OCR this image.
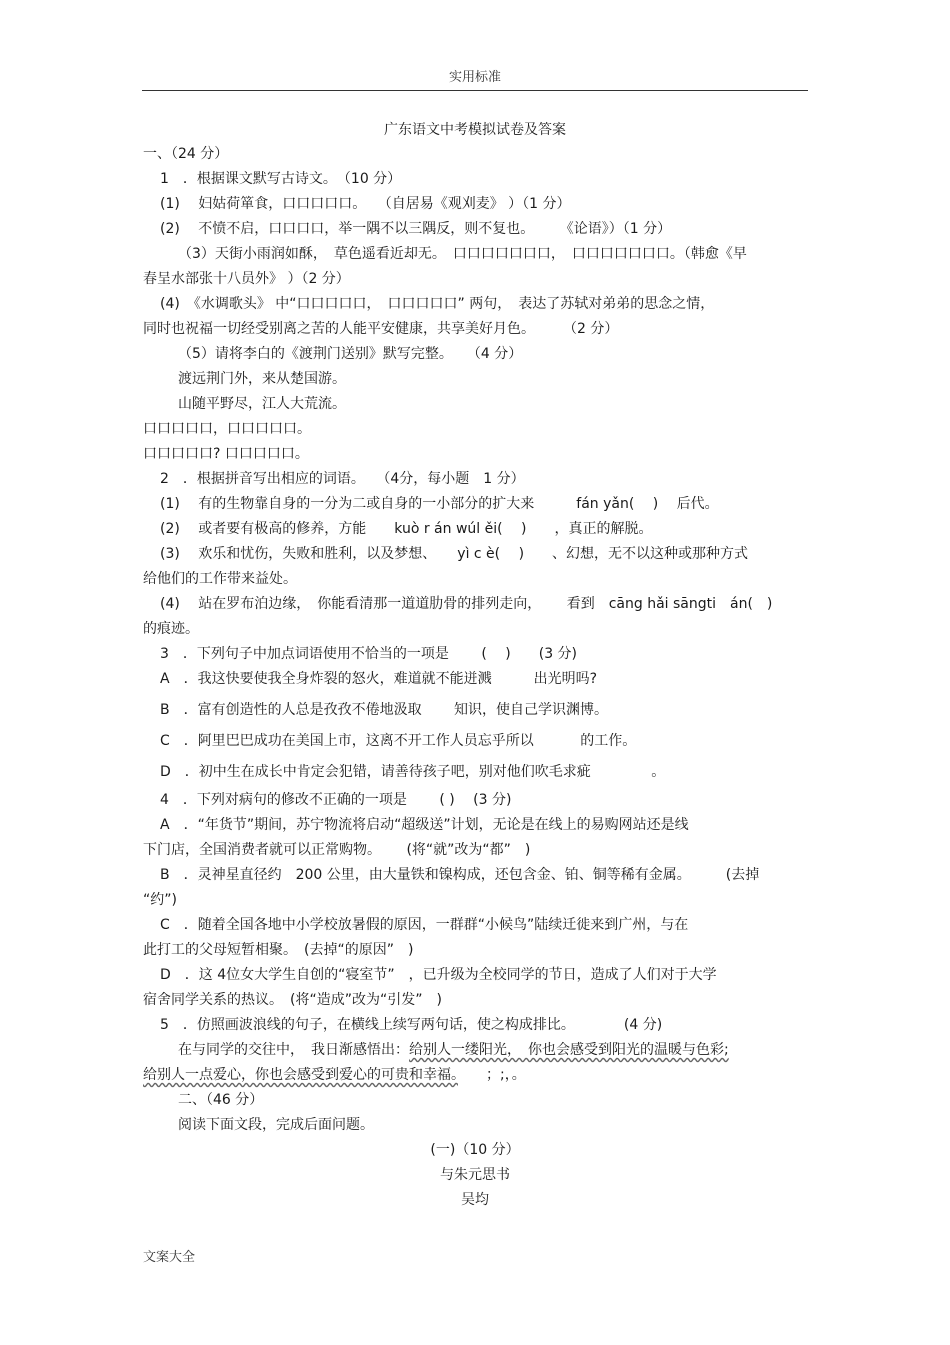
实用标准
广东语文中考模拟试卷及答案
一、（24 分）
1　．根据课文默写古诗文。　（10 分）
(1)　 妇姑荷箪食，口口口口口。　 （自居易《观刈麦》 ）（1 分）
(2)　 不愤不启，口口口口，举一隅不以三隅反，则不复也。　　 《论语》）（1 分）
（3）天街小雨润如酥，　草色遥看近却无。　口口口口口口口，　口口口口口口口。（韩愈《早
春呈水部张十八员外》 ）（2 分）
(4)　《水调歌头》 中“口口口口口，　口口口口口” 两句，　表达了苏轼对弟弟的思念之情，
同时也祝福一切经受别离之苦的人能平安健康，共享美好月色。　　　（2 分）
（5）请将李白的《渡荆门送别》默写完整。　　（4 分）
渡远荆门外，来从楚国游。
山随平野尽，江人大荒流。
口口口口口，口口口口口。
口口口口口? 口口口口口。
2　．根据拼音写出相应的词语。　 （4分，每小题　1 分）
(1)　 有的生物靠自身的一分为二或自身的一小部分的扩大来　　　fán yǎn(　 )　 后代。
(2)　 或者要有极高的修养，方能　　kuò r án wúl ěi(　 )　　，真正的解脱。
(3)　 欢乐和忧伤，失败和胜利，以及梦想、　　yì c è(　 )　　、幻想，无不以这种或那种方式
给他们的工作带来益处。
(4)　 站在罗布泊边缘，　你能看清那一道道肋骨的排列走向，　　 看到　cāng hǎi sāngti　án(　)
的痕迹。
3　．下列句子中加点词语使用不恰当的一项是　　 (　 )　　(3 分)
A　．我这快要使我全身炸裂的怒火，难道就不能迸溅　　　出光明吗?
B　．富有创造性的人总是孜孜不倦地汲取　　 知识，使自己学识渊博。
C　．阿里巴巴成功在美国上市，这离不开工作人员忘乎所以　　　 的工作。
D　．初中生在成长中肯定会犯错，请善待孩子吧，别对他们吹毛求疵　　　　 。
4　．下列对病句的修改不正确的一项是　　 ( )　 (3 分)
A　．“年货节”期间，苏宁物流将启动“超级送”计划，无论是在线上的易购网站还是线
下门店，全国消费者就可以正常购物。　　 (将“就”改为“都”　)
B　．灵神星直径约　200 公里，由大量铁和镍构成，还包含金、铂、铜等稀有金属。　　　(去掉
“约”)
C　．随着全国各地中小学校放暑假的原因，一群群“小候鸟”陆续迁徙来到广州，与在
此打工的父母短暂相聚。　(去掉“的原因”　)
D　．这 4位女大学生自创的“寝室节”　，已升级为全校同学的节日，造成了人们对于大学
宿舍同学关系的热议。　(将“造成”改为“引发”　)
5　．仿照画波浪线的句子，在横线上续写两句话，使之构成排比。　　　　(4 分)
在与同学的交往中，　我日渐感悟出：给别人一缕阳光，　你也会感受到阳光的温暖与色彩;
给别人一点爱心，你也会感受到爱心的可贵和幸福。　　；;，。
二、（46 分）
阅读下面文段，完成后面问题。
(一)（10 分）
与朱元思书
吴均
文案大全
